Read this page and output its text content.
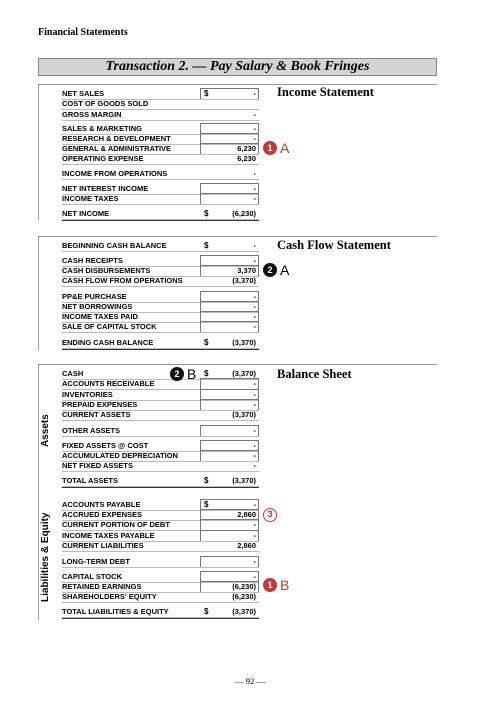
Financial Statements
Transaction 2. — Pay Salary & Book Fringes
Income Statement
Cash Flow Statement
Balance Sheet
Assets
Liabilities & Equity
NET SALES	$	-
COST OF GOODS SOLD
GROSS MARGIN	-
SALES & MARKETING	-
RESEARCH & DEVELOPMENT	-
GENERAL & ADMINISTRATIVE	6,230
OPERATING EXPENSE	6,230
INCOME FROM OPERATIONS	-
NET INTEREST INCOME	-
INCOME TAXES	-
NET INCOME	$	(6,230)
BEGINNING CASH BALANCE	$	-
CASH RECEIPTS	-
CASH DISBURSEMENTS	3,370
CASH FLOW FROM OPERATIONS	(3,370)
PP&E PURCHASE	-
NET BORROWINGS	-
INCOME TAXES PAID	-
SALE OF CAPITAL STOCK	-
ENDING CASH BALANCE	$	(3,370)
CASH	$	(3,370)
ACCOUNTS RECEIVABLE	-
INVENTORIES	-
PREPAID EXPENSES	-
CURRENT ASSETS	(3,370)
OTHER ASSETS	-
FIXED ASSETS @ COST	-
ACCUMULATED DEPRECIATION	-
NET FIXED ASSETS	-
TOTAL ASSETS	$	(3,370)
ACCOUNTS PAYABLE	$	-
ACCRUED EXPENSES	2,860
CURRENT PORTION OF DEBT	-
INCOME TAXES PAYABLE	-
CURRENT LIABILITIES	2,860
LONG-TERM DEBT	-
CAPITAL STOCK	-
RETAINED EARNINGS	(6,230)
SHAREHOLDERS' EQUITY	(6,230)
TOTAL LIABILITIES & EQUITY	$	(3,370)
1 A
2 A
2 B
3
1 B
— 92 —
